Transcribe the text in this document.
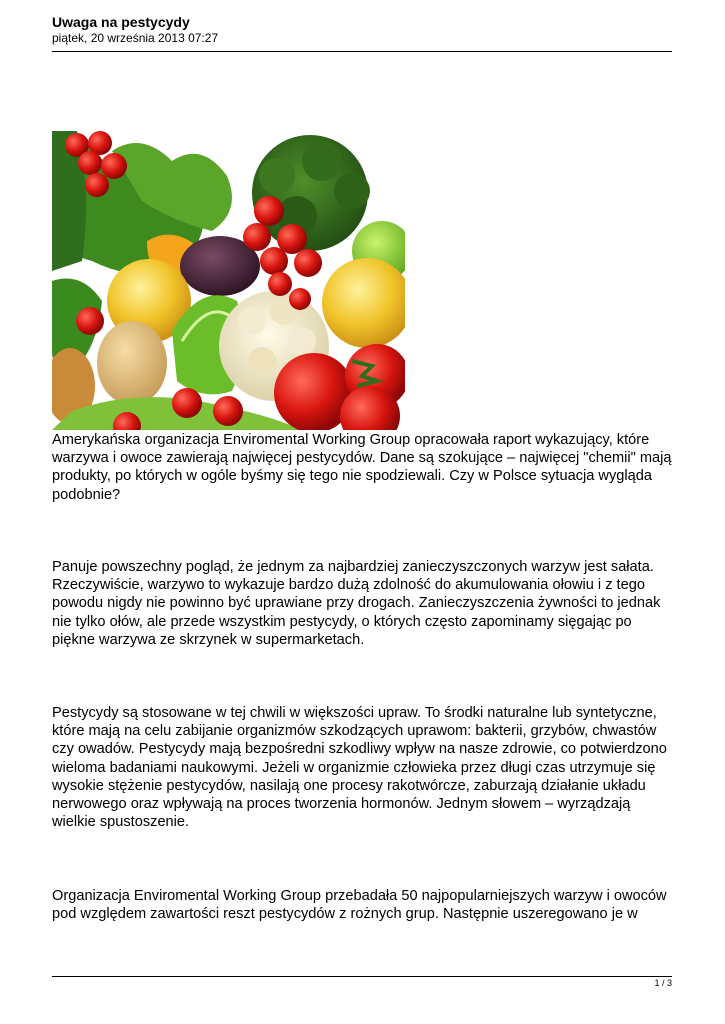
Uwaga na pestycydy

piątek, 20 września 2013 07:27

Amerykańska organizacja Enviromental Working Group opracowała raport wykazujący, które warzywa i owoce zawierają najwięcej pestycydów. Dane są szokujące – najwięcej "chemii" mają produkty, po których w ogóle byśmy się tego nie spodziewali. Czy w Polsce sytuacja wygląda podobnie?

Panuje powszechny pogląd, że jednym za najbardziej zanieczyszczonych warzyw jest sałata. Rzeczywiście, warzywo to wykazuje bardzo dużą zdolność do akumulowania ołowiu i z tego powodu nigdy nie powinno być uprawiane przy drogach. Zanieczyszczenia żywności to jednak nie tylko ołów, ale przede wszystkim pestycydy, o których często zapominamy sięgając po piękne warzywa ze skrzynek w supermarketach.

Pestycydy są stosowane w tej chwili w większości upraw. To środki naturalne lub syntetyczne, które mają na celu zabijanie organizmów szkodzących uprawom: bakterii, grzybów, chwastów czy owadów. Pestycydy mają bezpośredni szkodliwy wpływ na nasze zdrowie, co potwierdzono wieloma badaniami naukowymi. Jeżeli w organizmie człowieka przez długi czas utrzymuje się wysokie stężenie pestycydów, nasilają one procesy rakotwórcze, zaburzają działanie układu nerwowego oraz wpływają na proces tworzenia hormonów. Jednym słowem – wyrządzają wielkie spustoszenie.

Organizacja Enviromental Working Group przebadała 50 najpopularniejszych warzyw i owoców pod względem zawartości reszt pestycydów z rożnych grup. Następnie uszeregowano je w

1 / 3
